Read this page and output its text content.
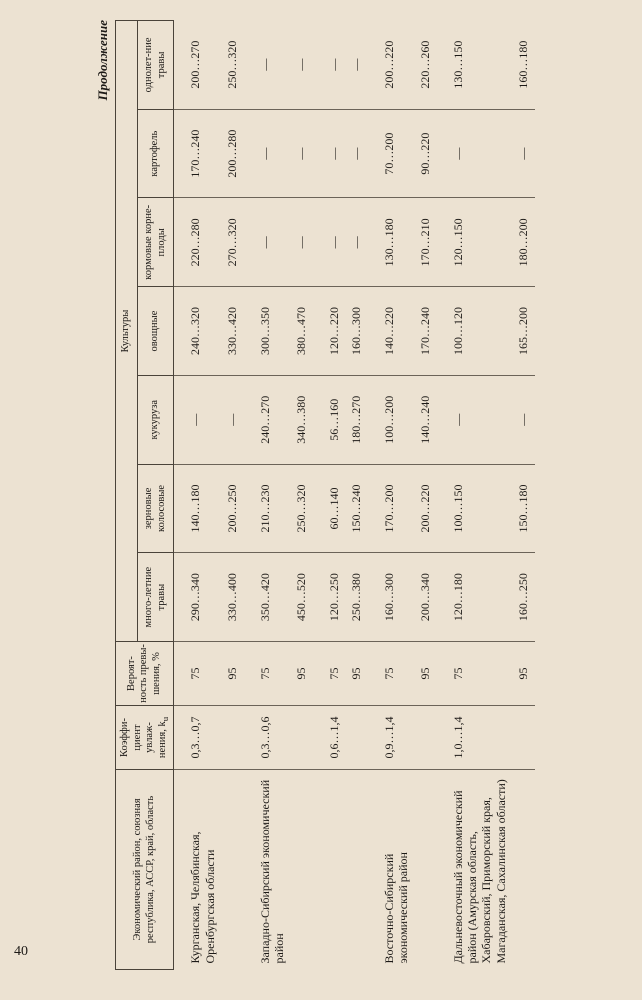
40
Продолжение
Экономический район, союзная республика, АССР, край, область	Коэффи-циент увлаж-нения, $k_u$	Вероят-ность превы-шения, %	Культуры						
			много-летние травы	зерновые колосовые	кукуруза	овощные	кормовые корне-плоды	картофель	однолет-ние травы
Курганская, Челябинская, Оренбургская области	0,3…0,7	75	290…340	140…180	—	240…320	220…280	170…240	200…270
		95	330…400	200…250	—	330…420	270…320	200…280	250…320
Западно-Сибирский экономический район	0,3…0,6	75	350…420	210…230	240…270	300…350	—	—	—
		95	450…520	250…320	340…380	380…470	—	—	—
	0,6…1,4	75	120…250	60…140	56…160	120…220	—	—	—
		95	250…380	150…240	180…270	160…300	—	—	—
Восточно-Сибирский экономический район	0,9…1,4	75	160…300	170…200	100…200	140…220	130…180	70…200	200…220
		95	200…340	200…220	140…240	170…240	170…210	90…220	220…260
Дальневосточный экономический район (Амурская область, Хабаровский, Приморский края, Магаданская, Сахалинская области)	1,0…1,4	75	120…180	100…150	—	100…120	120…150	—	130…150
		95	160…250	150…180	—	165…200	180…200	—	160…180
